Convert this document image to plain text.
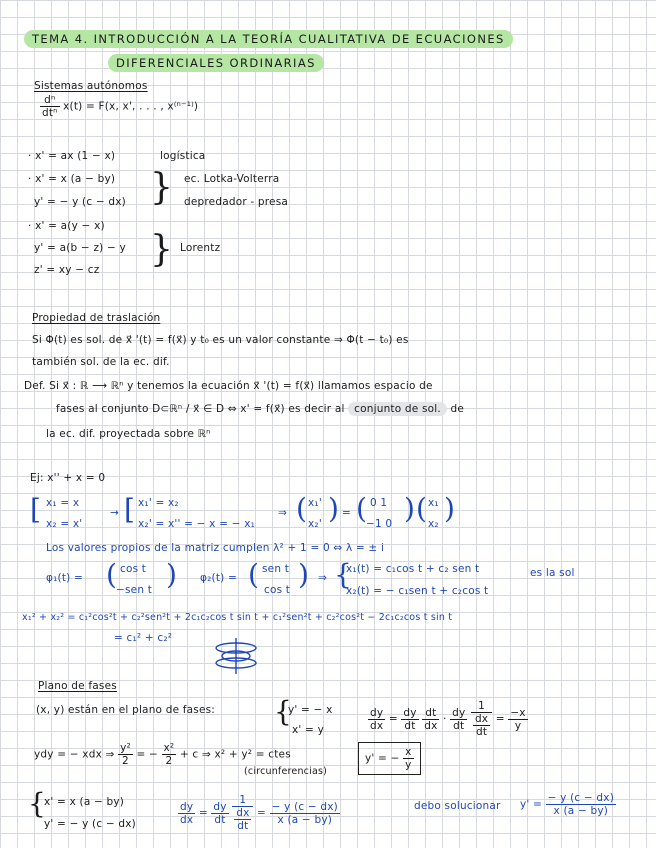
TEMA 4. INTRODUCCIÓN A LA TEORÍA CUALITATIVA DE ECUACIONES
DIFERENCIALES ORDINARIAS
Sistemas autónomos
$\frac{\text{dⁿ}}{\text{dtⁿ}} x(t) = F(x$, x', . . . , x⁽ⁿ⁻¹⁾)
· x' = ax (1 − x)	logística
· x' = x (a − by)
y' = − y (c − dx) } ec. Lotka-Volterra
depredador - presa
· x' = a(y − x)
y' = a(b − z) − y
z' = xy − cz } Lorentz
Propiedad de traslación
Si Φ(t) es sol. de x⃗ '(t) = f(x⃗) y t₀ es un valor constante ⇒ Φ(t − t₀) es
también sol. de la ec. dif.
Def. Si x⃗ : ℝ ⟶ ℝⁿ y tenemos la ecuación x⃗ '(t) = f(x⃗) llamamos espacio de
fases al conjunto D⊂ℝⁿ / x⃗ ∈ D ⇔ x' = f(x⃗) es decir al conjunto de sol. de
la ec. dif. proyectada sobre ℝⁿ
Ej: x'' + x = 0
[ x₁ = x
x₂ = x'
→ [ x₁' = x₂
x₂' = x'' = − x = − x₁
⇒ ( x₁'
x₂' ) = ( 0 1
−1 0 ) ( x₁
x₂ )
Los valores propios de la matriz cumplen λ² + 1 = 0 ⇔ λ = ± i
φ₁(t) = ( cos t
−sen t ) φ₂(t) = ( sen t
cos t ) ⇒ {
x₁(t) = c₁cos t + c₂ sen t
x₂(t) = − c₁sen t + c₂cos t
es la sol
x₁² + x₂² = c₁²cos²t + c₂²sen²t + 2c₁c₂cos t sin t + c₁²sen²t + c₂²cos²t − 2c₁c₂cos t sin t
= c₁² + c₂²
Plano de fases
(x, y) están en el plano de fases: {
y' = − x
x' = y	$\frac{dy}{dx} = \frac{dy}{dt}$
$\frac{dt}{dx} \cdot \frac{dy}{dt}$
$\frac{1}{\frac{dx}{dt}} = \frac{-x}{y}$
ydy = − xdx ⇒ $\frac{\text{y²}}{2}$ = − $\frac{\text{x²}}{2} + c$ ⇒ x² + y² = ctes
(circunferencias)
y' = − $\frac{x}{y}$
{
x' = x (a − by)
y' = − y (c − dx)	$\frac{dy}{dx} = \frac{dy}{dt}$
$\frac{1}{\frac{dx}{dt}} = \frac{- y (c - dx)}{x (a - by)}$	debo solucionar $y' = \frac{- y (c - dx)}{x (a - by)}$
